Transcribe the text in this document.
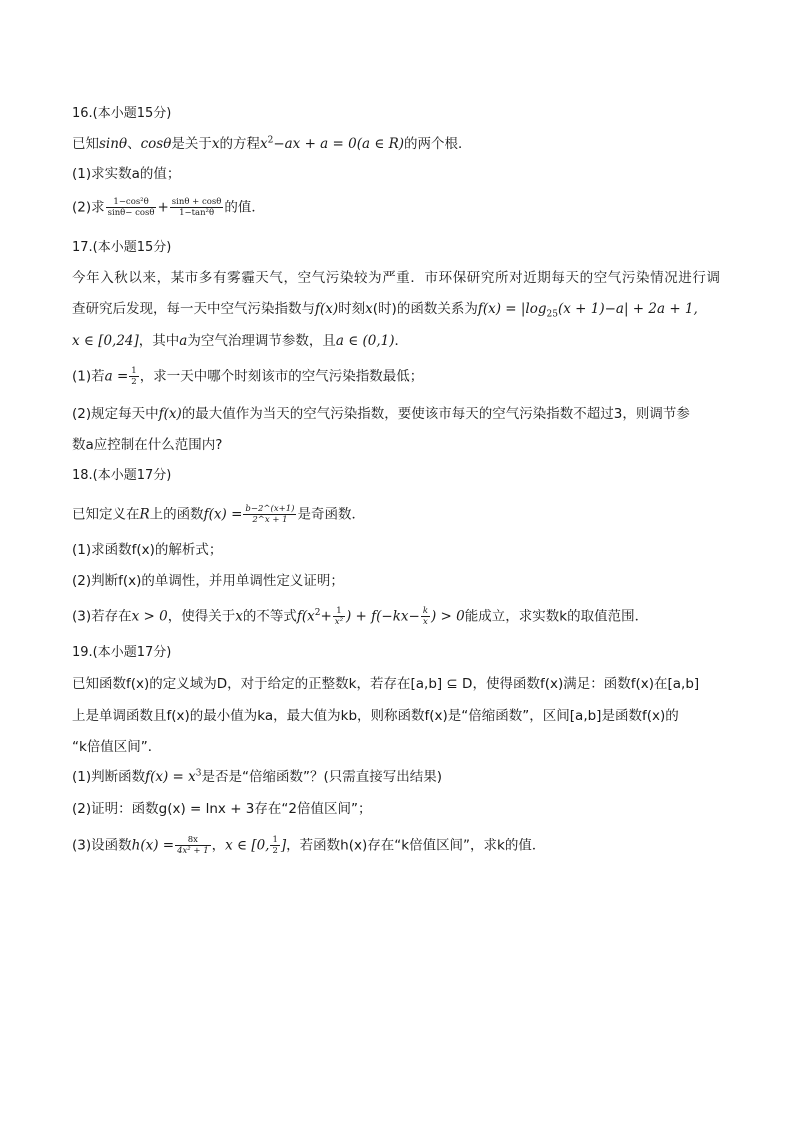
16.(本小题15分)
已知sinθ、cosθ是关于x的方程$x^2-ax + a = 0(a$ ∈ R)的两个根．
(1)求实数a的值；
(2)求 $\frac{\text{1−cos²θ}}{\sin\theta- \cos\theta} + \frac{\sin\theta + \cos\theta}{\text{1−tan²θ}}$ 的值．
17.(本小题15分)
今年入秋以来，某市多有雾霾天气，空气污染较为严重．市环保研究所对近期每天的空气污染情况进行调
查研究后发现，每一天中空气污染指数与f(x)时刻x(时)的函数关系为$f(x) = |\log_{25}(x + 1)-a| + 2a + 1$,
x ∈ [0,24]，其中a为空气治理调节参数，且a ∈ (0,1)．
(1)若$a = \frac{1}{2}$ ，求一天中哪个时刻该市的空气污染指数最低；
(2)规定每天中f(x)的最大值作为当天的空气污染指数，要使该市每天的空气污染指数不超过3，则调节参
数a应控制在什么范围内?
18.(本小题17分)
已知定义在R上的函数$f(x) = \frac{b-2\^{}(x+1)}{2\^{}x + 1}$ 是奇函数．
(1)求函数f(x)的解析式；
(2)判断f(x)的单调性，并用单调性定义证明；
(3)若存在x > 0，使得关于x的不等式$f(x^2+ \frac{1}{\text{x²}}$ ) + $f(-kx- \frac{k}{x}$ ) > 0能成立，求实数k的取值范围．
19.(本小题17分)
已知函数f(x)的定义域为D，对于给定的正整数k，若存在[a,b] ⊆ D，使得函数f(x)满足：函数f(x)在[a,b]
上是单调函数且f(x)的最小值为ka，最大值为kb，则称函数f(x)是“倍缩函数”，区间[a,b]是函数f(x)的
“k倍值区间”．
(1)判断函数$f(x) = x^3$是否是“倍缩函数”？(只需直接写出结果)
(2)证明：函数g(x) = lnx + 3存在“2倍值区间”；
(3)设函数$h(x) = \frac{8x}{\text{4x² + 1}}$ ，x ∈ [0, $\frac{1}{2}$ ]，若函数h(x)存在“k倍值区间”，求k的值．
